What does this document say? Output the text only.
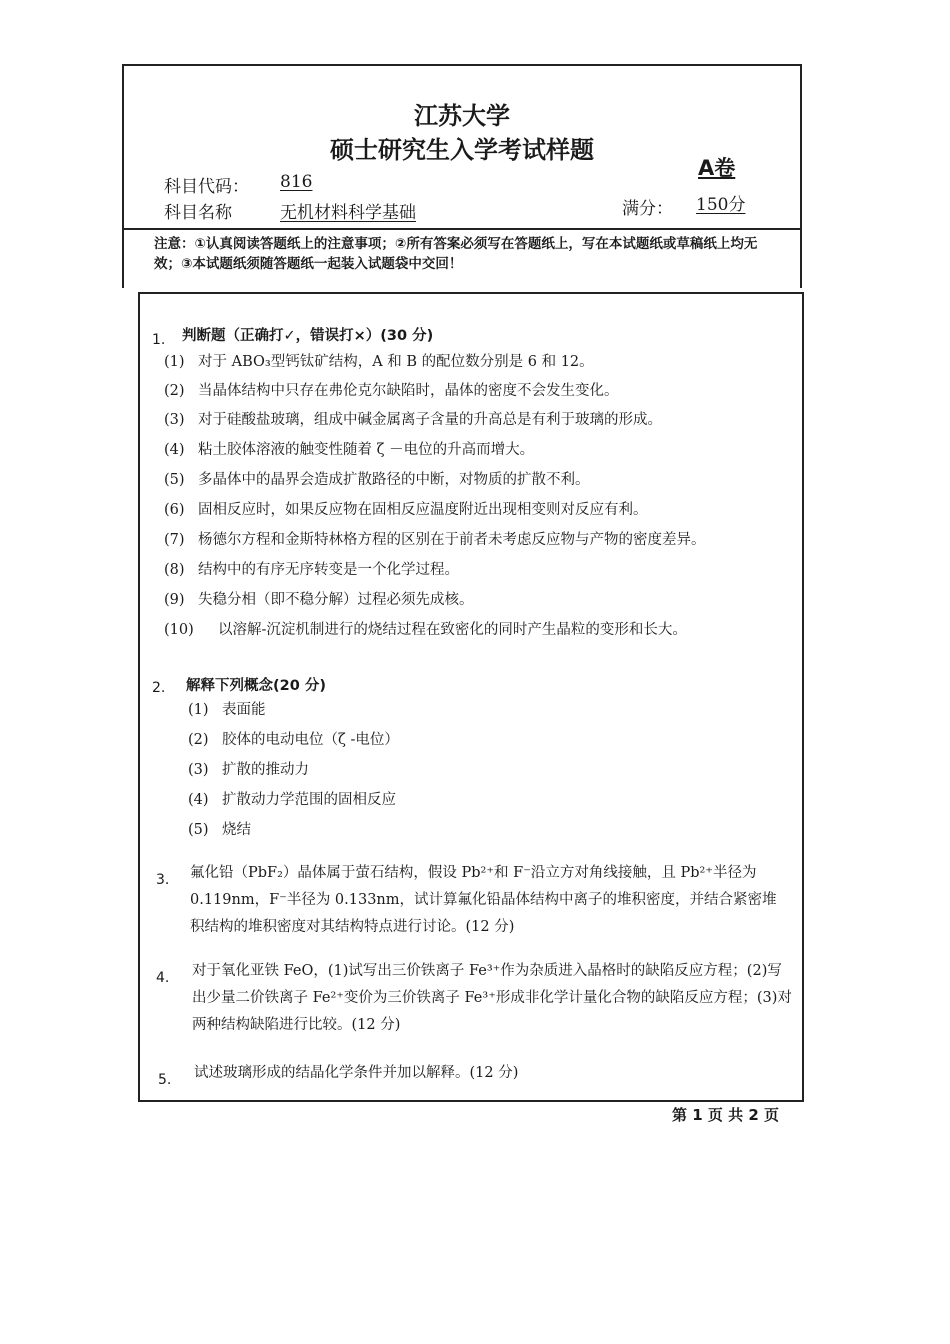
江苏大学
硕士研究生入学考试样题
A卷
科目代码： 816
科目名称	无机材料科学基础	满分： 150分
注意：①认真阅读答题纸上的注意事项；②所有答案必须写在答题纸上，写在本试题纸或草稿纸上均无效；③本试题纸须随答题纸一起装入试题袋中交回！
1. 判断题（正确打✓，错误打×）(30 分)
(1) 对于 ABO₃型钙钛矿结构，A 和 B 的配位数分别是 6 和 12。
(2) 当晶体结构中只存在弗伦克尔缺陷时，晶体的密度不会发生变化。
(3) 对于硅酸盐玻璃，组成中碱金属离子含量的升高总是有利于玻璃的形成。
(4) 粘土胶体溶液的触变性随着 ζ －电位的升高而增大。
(5) 多晶体中的晶界会造成扩散路径的中断，对物质的扩散不利。
(6) 固相反应时，如果反应物在固相反应温度附近出现相变则对反应有利。
(7) 杨德尔方程和金斯特林格方程的区别在于前者未考虑反应物与产物的密度差异。
(8) 结构中的有序无序转变是一个化学过程。
(9) 失稳分相（即不稳分解）过程必须先成核。
(10) 以溶解-沉淀机制进行的烧结过程在致密化的同时产生晶粒的变形和长大。
2. 解释下列概念(20 分)
(1) 表面能
(2) 胶体的电动电位（ζ -电位）
(3) 扩散的推动力
(4) 扩散动力学范围的固相反应
(5) 烧结
3. 氟化铅（PbF₂）晶体属于萤石结构，假设 Pb²⁺和 F⁻沿立方对角线接触，且 Pb²⁺半径为 0.119nm，F⁻半径为 0.133nm，试计算氟化铅晶体结构中离子的堆积密度，并结合紧密堆积结构的堆积密度对其结构特点进行讨论。(12 分)
4. 对于氧化亚铁 FeO，(1)试写出三价铁离子 Fe³⁺作为杂质进入晶格时的缺陷反应方程；(2)写出少量二价铁离子 Fe²⁺变价为三价铁离子 Fe³⁺形成非化学计量化合物的缺陷反应方程；(3)对两种结构缺陷进行比较。(12 分)
5. 试述玻璃形成的结晶化学条件并加以解释。(12 分)
第 1 页 共 2 页
